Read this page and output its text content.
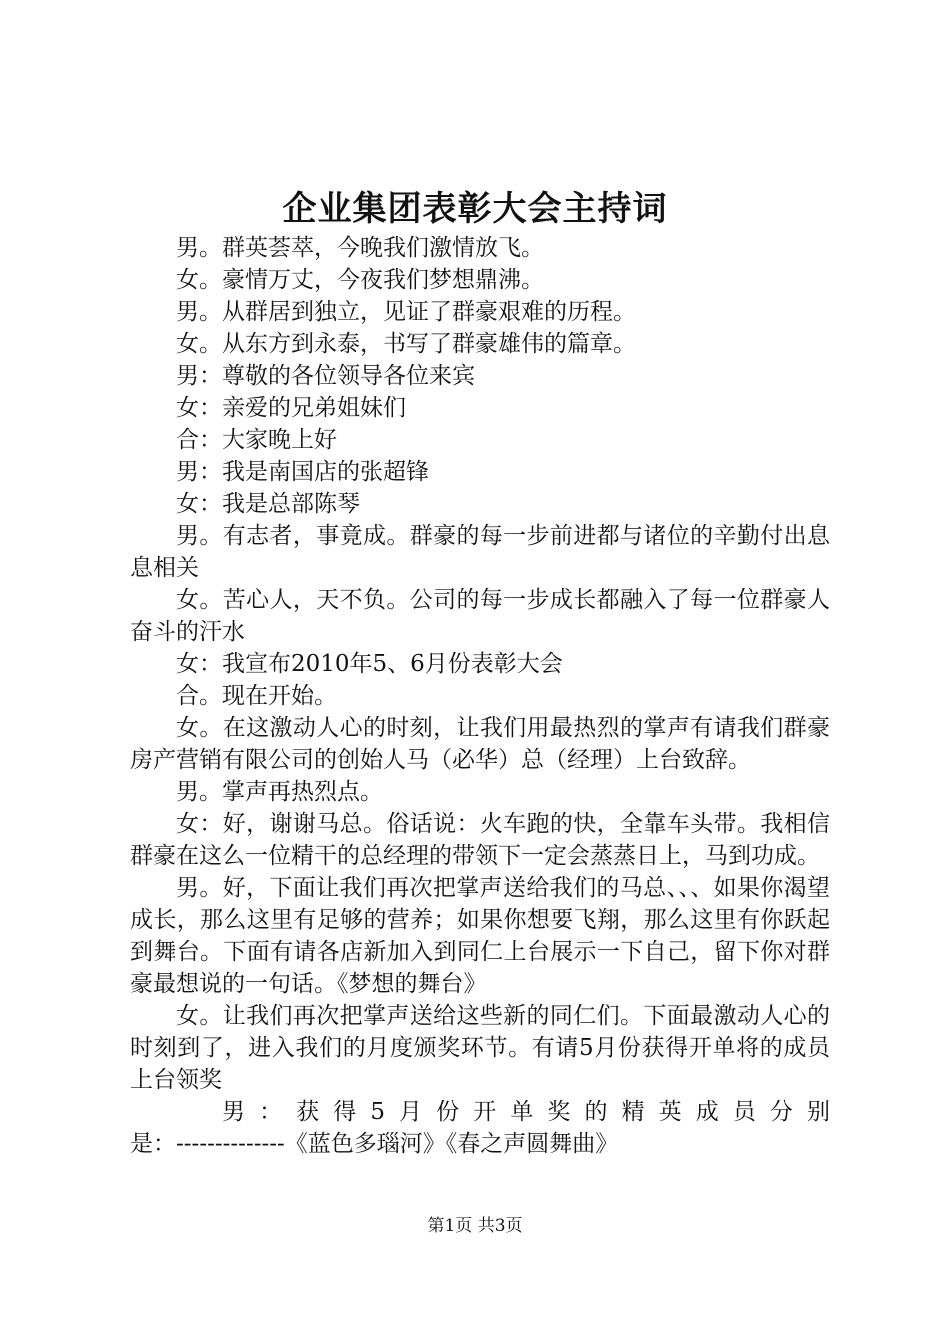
企业集团表彰大会主持词

男。群英荟萃，今晚我们激情放飞。

女。豪情万丈，今夜我们梦想鼎沸。

男。从群居到独立，见证了群豪艰难的历程。

女。从东方到永泰，书写了群豪雄伟的篇章。

男：尊敬的各位领导各位来宾

女：亲爱的兄弟姐妹们

合：大家晚上好

男：我是南国店的张超锋

女：我是总部陈琴

男。有志者，事竟成。群豪的每一步前进都与诸位的辛勤付出息息相关

女。苦心人，天不负。公司的每一步成长都融入了每一位群豪人奋斗的汗水

女：我宣布2010年5、6月份表彰大会

合。现在开始。

女。在这激动人心的时刻，让我们用最热烈的掌声有请我们群豪房产营销有限公司的创始人马（必华）总（经理）上台致辞。

男。掌声再热烈点。

女：好，谢谢马总。俗话说：火车跑的快，全靠车头带。我相信群豪在这么一位精干的总经理的带领下一定会蒸蒸日上，马到功成。

男。好，下面让我们再次把掌声送给我们的马总、、、如果你渴望成长，那么这里有足够的营养；如果你想要飞翔，那么这里有你跃起到舞台。下面有请各店新加入到同仁上台展示一下自己，留下你对群豪最想说的一句话。《梦想的舞台》

女。让我们再次把掌声送给这些新的同仁们。下面最激动人心的时刻到了，进入我们的月度颁奖环节。有请5月份获得开单将的成员上台领奖

男：获得5月份开单奖的精英成员分别

是：--------------《蓝色多瑙河》《春之声圆舞曲》

第1页 共3页
